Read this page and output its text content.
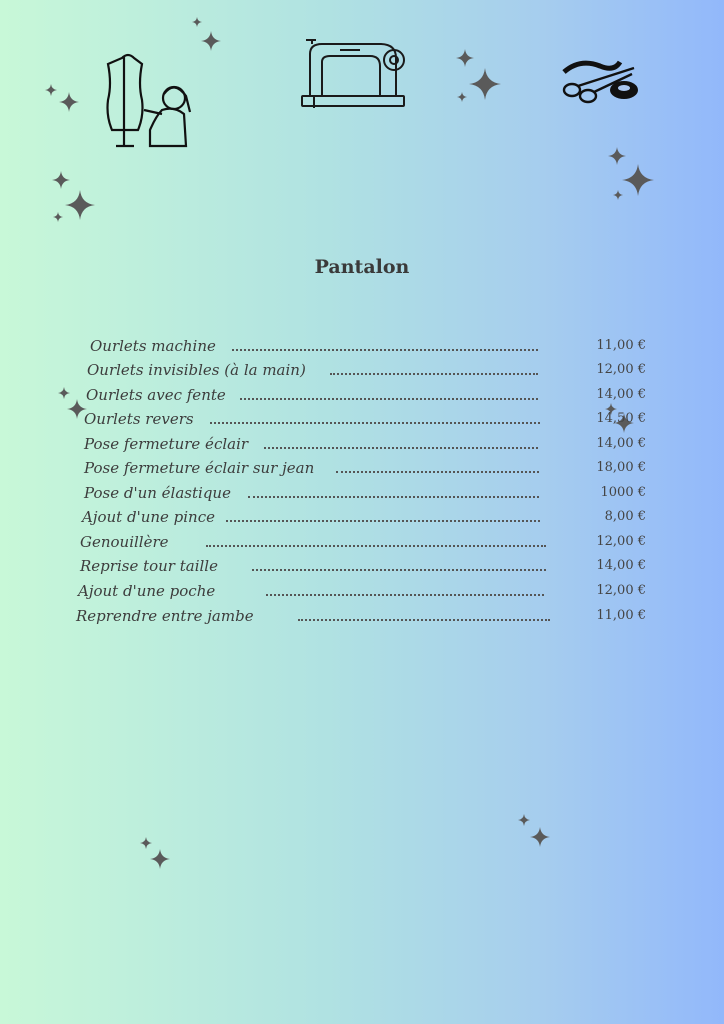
Pantalon
Ourlets machine	11,00 €
Ourlets invisibles (à la main)	12,00 €
Ourlets avec fente	14,00 €
Ourlets revers	14,50 €
Pose fermeture éclair	14,00 €
Pose fermeture éclair sur jean	18,00 €
Pose d'un élastique	1000 €
Ajout d'une pince	8,00 €
Genouillère	12,00 €
Reprise tour taille	14,00 €
Ajout d'une poche	12,00 €
Reprendre entre jambe	11,00 €
